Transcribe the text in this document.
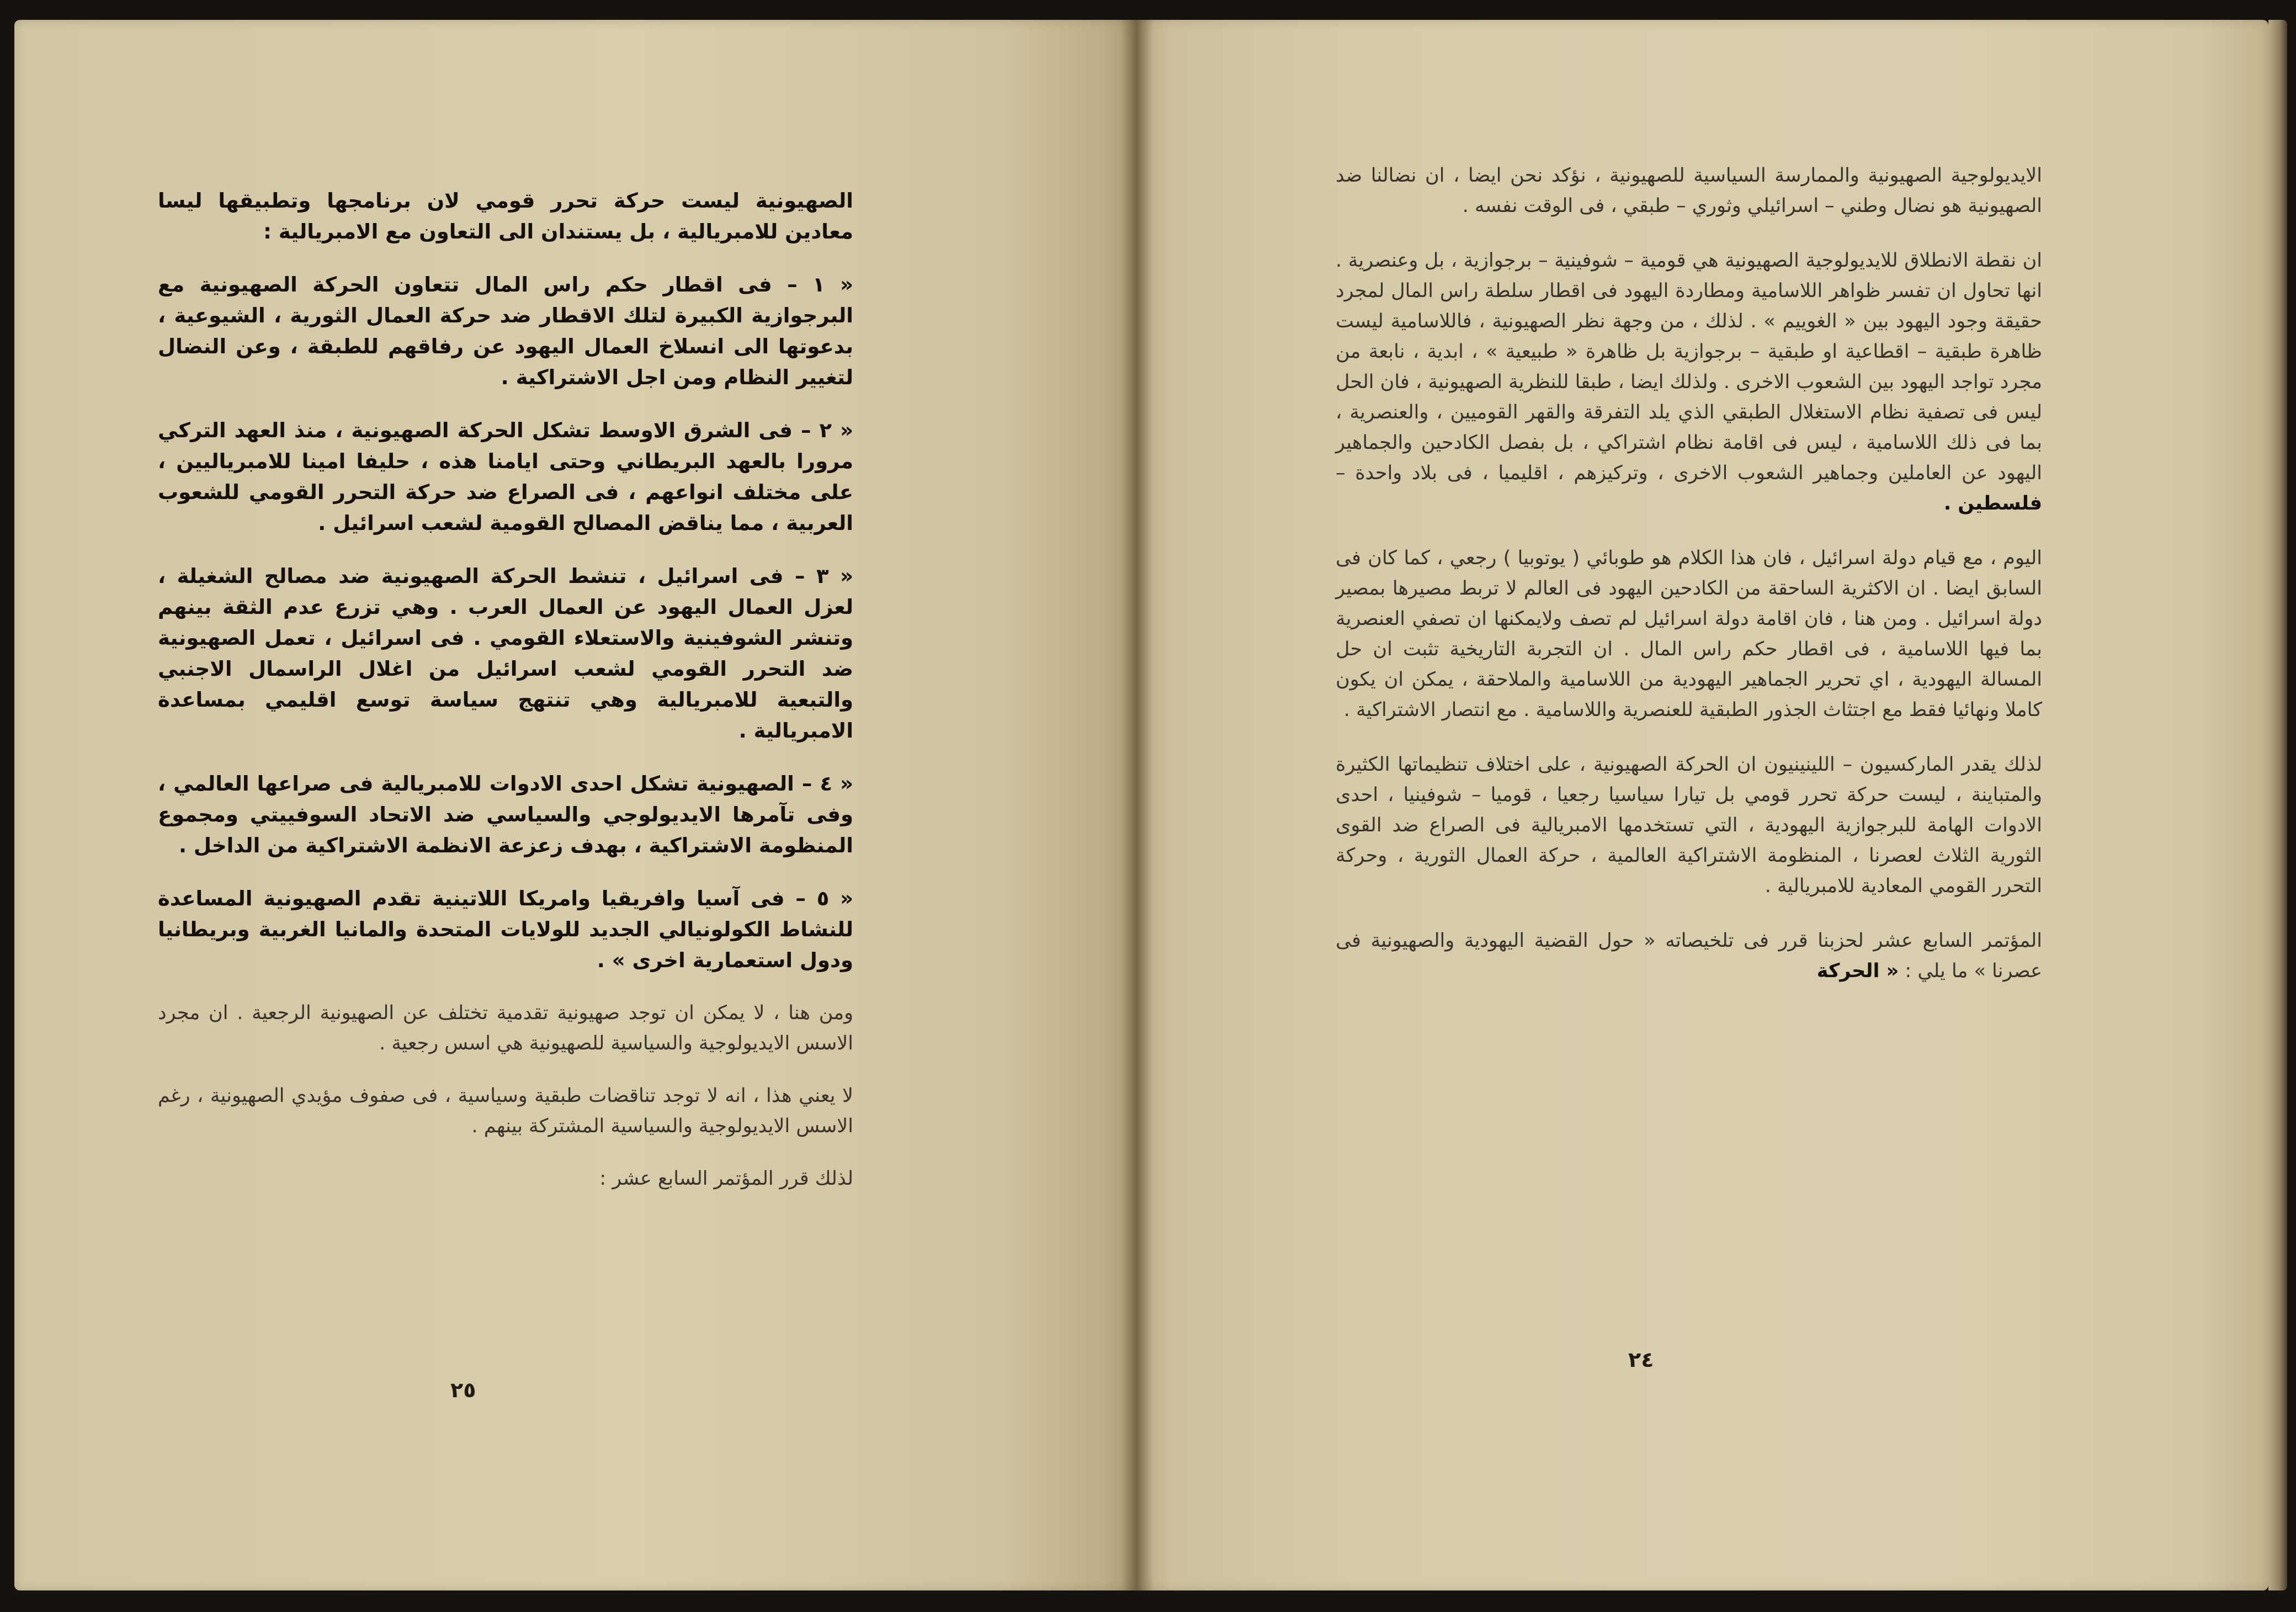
الصهيونية ليست حركة تحرر قومي لان برنامجها وتطبيقها ليسا معادين للامبريالية ، بل يستندان الى التعاون مع الامبريالية :

« ١ – فى اقطار حكم راس المال تتعاون الحركة الصهيونية مع البرجوازية الكبيرة لتلك الاقطار ضد حركة العمال الثورية ، الشيوعية ، بدعوتها الى انسلاخ العمال اليهود عن رفاقهم للطبقة ، وعن النضال لتغيير النظام ومن اجل الاشتراكية .

« ٢ – فى الشرق الاوسط تشكل الحركة الصهيونية ، منذ العهد التركي مرورا بالعهد البريطاني وحتى ايامنا هذه ، حليفا امينا للامبرياليين ، على مختلف انواعهم ، فى الصراع ضد حركة التحرر القومي للشعوب العربية ، مما يناقض المصالح القومية لشعب اسرائيل .

« ٣ – فى اسرائيل ، تنشط الحركة الصهيونية ضد مصالح الشغيلة ، لعزل العمال اليهود عن العمال العرب . وهي تزرع عدم الثقة بينهم وتنشر الشوفينية والاستعلاء القومي . فى اسرائيل ، تعمل الصهيونية ضد التحرر القومي لشعب اسرائيل من اغلال الراسمال الاجنبي والتبعية للامبريالية وهي تنتهج سياسة توسع اقليمي بمساعدة الامبريالية .

« ٤ – الصهيونية تشكل احدى الادوات للامبريالية فى صراعها العالمي ، وفى تآمرها الايديولوجي والسياسي ضد الاتحاد السوفييتي ومجموع المنظومة الاشتراكية ، بهدف زعزعة الانظمة الاشتراكية من الداخل .

« ٥ – فى آسيا وافريقيا وامريكا اللاتينية تقدم الصهيونية المساعدة للنشاط الكولونيالي الجديد للولايات المتحدة والمانيا الغربية وبريطانيا ودول استعمارية اخرى » .

ومن هنا ، لا يمكن ان توجد صهيونية تقدمية تختلف عن الصهيونية الرجعية . ان مجرد الاسس الايديولوجية والسياسية للصهيونية هي اسس رجعية .

لا يعني هذا ، انه لا توجد تناقضات طبقية وسياسية ، فى صفوف مؤيدي الصهيونية ، رغم الاسس الايديولوجية والسياسية المشتركة بينهم .

لذلك قرر المؤتمر السابع عشر :

٢٥

الايديولوجية الصهيونية والممارسة السياسية للصهيونية ، نؤكد نحن ايضا ، ان نضالنا ضد الصهيونية هو نضال وطني – اسرائيلي وثوري – طبقي ، فى الوقت نفسه .

ان نقطة الانطلاق للايديولوجية الصهيونية هي قومية – شوفينية – برجوازية ، بل وعنصرية . انها تحاول ان تفسر ظواهر اللاسامية ومطاردة اليهود فى اقطار سلطة راس المال لمجرد حقيقة وجود اليهود بين « الغوييم » . لذلك ، من وجهة نظر الصهيونية ، فاللاسامية ليست ظاهرة طبقية – اقطاعية او طبقية – برجوازية بل ظاهرة « طبيعية » ، ابدية ، نابعة من مجرد تواجد اليهود بين الشعوب الاخرى . ولذلك ايضا ، طبقا للنظرية الصهيونية ، فان الحل ليس فى تصفية نظام الاستغلال الطبقي الذي يلد التفرقة والقهر القوميين ، والعنصرية ، بما فى ذلك اللاسامية ، ليس فى اقامة نظام اشتراكي ، بل بفصل الكادحين والجماهير اليهود عن العاملين وجماهير الشعوب الاخرى ، وتركيزهم ، اقليميا ، فى بلاد واحدة – فلسطين .

اليوم ، مع قيام دولة اسرائيل ، فان هذا الكلام هو طوبائي ( يوتوبيا ) رجعي ، كما كان فى السابق ايضا . ان الاكثرية الساحقة من الكادحين اليهود فى العالم لا تربط مصيرها بمصير دولة اسرائيل . ومن هنا ، فان اقامة دولة اسرائيل لم تصف ولايمكنها ان تصفي العنصرية بما فيها اللاسامية ، فى اقطار حكم راس المال . ان التجربة التاريخية تثبت ان حل المسالة اليهودية ، اي تحرير الجماهير اليهودية من اللاسامية والملاحقة ، يمكن ان يكون كاملا ونهائيا فقط مع اجتثاث الجذور الطبقية للعنصرية واللاسامية . مع انتصار الاشتراكية .

لذلك يقدر الماركسيون – اللينينيون ان الحركة الصهيونية ، على اختلاف تنظيماتها الكثيرة والمتباينة ، ليست حركة تحرر قومي بل تيارا سياسيا رجعيا ، قوميا – شوفينيا ، احدى الادوات الهامة للبرجوازية اليهودية ، التي تستخدمها الامبريالية فى الصراع ضد القوى الثورية الثلاث لعصرنا ، المنظومة الاشتراكية العالمية ، حركة العمال الثورية ، وحركة التحرر القومي المعادية للامبريالية .

المؤتمر السابع عشر لحزبنا قرر فى تلخيصاته « حول القضية اليهودية والصهيونية فى عصرنا » ما يلي : « الحركة

٢٤
